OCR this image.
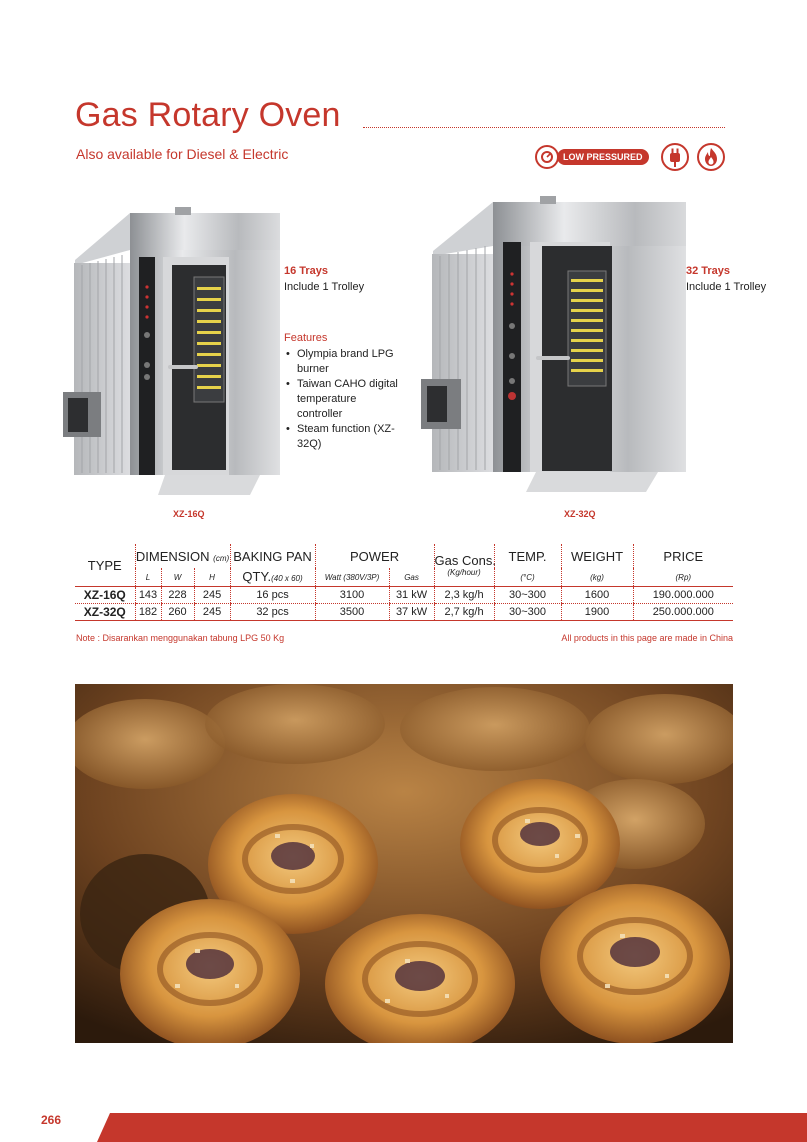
Gas Rotary Oven
Also available for Diesel & Electric	LOW PRESSURED
16 Trays
Include 1 Trolley
Features
• Olympia brand LPG burner
• Taiwan CAHO digital temperature controller
• Steam function (XZ-32Q)
XZ-16Q
32 Trays
Include 1 Trolley
XZ-32Q
TYPE	DIMENSION (cm)			BAKING PAN	POWER		Gas Cons.	TEMP.	WEIGHT	PRICE
	L	W	H	QTY.(40 x 60)	Watt (380V/3P)	Gas	(Kg/hour)	(°C)	(kg)	(Rp)
XZ-16Q	143	228	245	16 pcs	3100	31 kW	2,3 kg/h	30~300	1600	190.000.000
XZ-32Q	182	260	245	32 pcs	3500	37 kW	2,7 kg/h	30~300	1900	250.000.000
Note : Disarankan menggunakan tabung LPG 50 Kg	All products in this page are made in China
266
